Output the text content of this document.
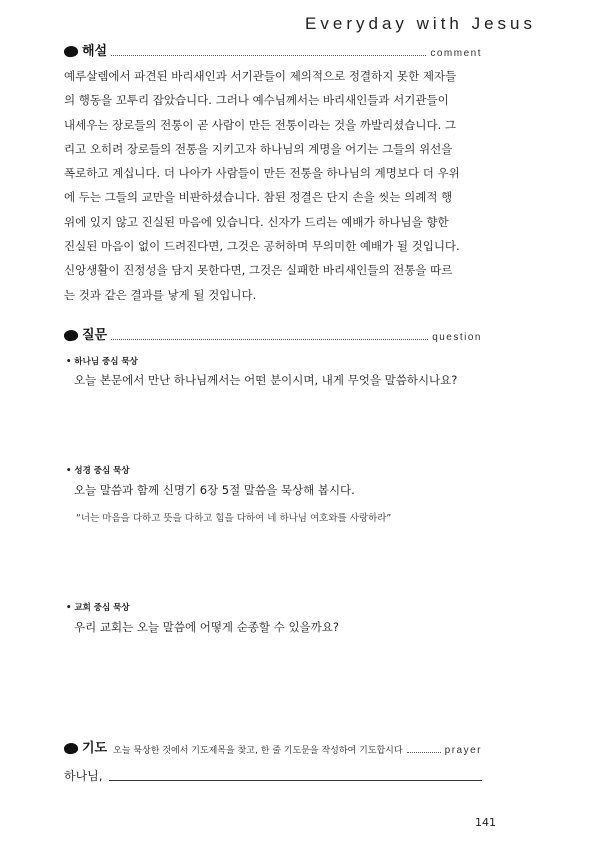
Everyday with Jesus
해설	comment
예루살렘에서 파견된 바리새인과 서기관들이 제의적으로 정결하지 못한 제자들
의 행동을 꼬투리 잡았습니다. 그러나 예수님께서는 바리새인들과 서기관들이
내세우는 장로들의 전통이 곧 사람이 만든 전통이라는 것을 까발리셨습니다. 그
리고 오히려 장로들의 전통을 지키고자 하나님의 계명을 어기는 그들의 위선을
폭로하고 계십니다. 더 나아가 사람들이 만든 전통을 하나님의 계명보다 더 우위
에 두는 그들의 교만을 비판하셨습니다. 참된 정결은 단지 손을 씻는 의례적 행
위에 있지 않고 진실된 마음에 있습니다. 신자가 드리는 예배가 하나님을 향한
진실된 마음이 없이 드려진다면, 그것은 공허하며 무의미한 예배가 될 것입니다.
신앙생활이 진정성을 담지 못한다면, 그것은 실패한 바리새인들의 전통을 따르
는 것과 같은 결과를 낳게 될 것입니다.
질문	question
• 하나님 중심 묵상
오늘 본문에서 만난 하나님께서는 어떤 분이시며, 내게 무엇을 말씀하시나요?
• 성경 중심 묵상
오늘 말씀과 함께 신명기 6장 5절 말씀을 묵상해 봅시다.
“너는 마음을 다하고 뜻을 다하고 힘을 다하여 네 하나님 여호와를 사랑하라”
• 교회 중심 묵상
우리 교회는 오늘 말씀에 어떻게 순종할 수 있을까요?
기도 오늘 묵상한 것에서 기도제목을 찾고, 한 줄 기도문을 작성하여 기도합시다	prayer
하나님,
141
